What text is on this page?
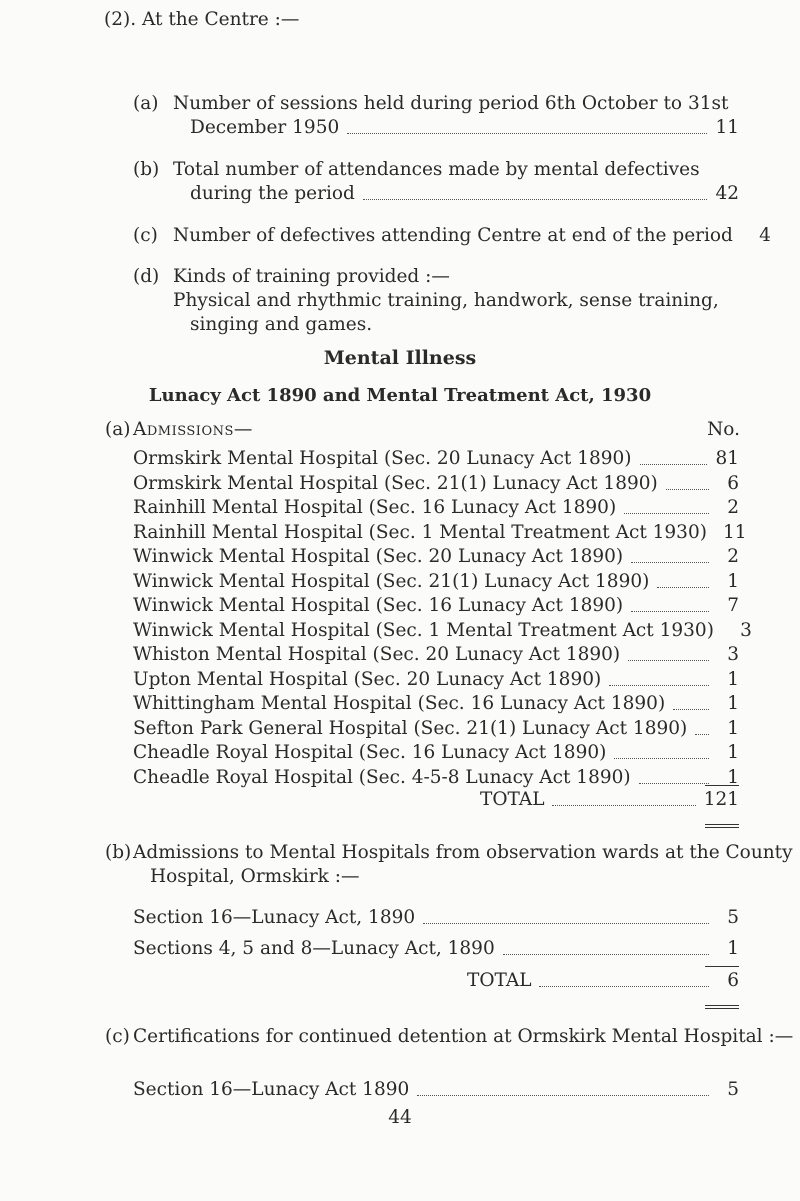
(2). At the Centre :—
(a) Number of sessions held during period 6th October to 31st
December 1950	11
(b) Total number of attendances made by mental defectives
during the period	42
(c) Number of defectives attending Centre at end of the period	4
(d) Kinds of training provided :—
Physical and rhythmic training, handwork, sense training,
singing and games.
Mental Illness
Lunacy Act 1890 and Mental Treatment Act, 1930
(a) Admissions—	No.
Ormskirk Mental Hospital (Sec. 20 Lunacy Act 1890)	81
Ormskirk Mental Hospital (Sec. 21(1) Lunacy Act 1890)	6
Rainhill Mental Hospital (Sec. 16 Lunacy Act 1890)	2
Rainhill Mental Hospital (Sec. 1 Mental Treatment Act 1930) 11
Winwick Mental Hospital (Sec. 20 Lunacy Act 1890)	2
Winwick Mental Hospital (Sec. 21(1) Lunacy Act 1890)	1
Winwick Mental Hospital (Sec. 16 Lunacy Act 1890)	7
Winwick Mental Hospital (Sec. 1 Mental Treatment Act 1930)	3
Whiston Mental Hospital (Sec. 20 Lunacy Act 1890)	3
Upton Mental Hospital (Sec. 20 Lunacy Act 1890)	1
Whittingham Mental Hospital (Sec. 16 Lunacy Act 1890)	1
Sefton Park General Hospital (Sec. 21(1) Lunacy Act 1890)	1
Cheadle Royal Hospital (Sec. 16 Lunacy Act 1890)	1
Cheadle Royal Hospital (Sec. 4-5-8 Lunacy Act 1890)	1
TOTAL	121
(b) Admissions to Mental Hospitals from observation wards at the County
Hospital, Ormskirk :—
Section 16—Lunacy Act, 1890	5
Sections 4, 5 and 8—Lunacy Act, 1890	1
TOTAL	6
(c) Certifications for continued detention at Ormskirk Mental Hospital :—
Section 16—Lunacy Act 1890	5
44
